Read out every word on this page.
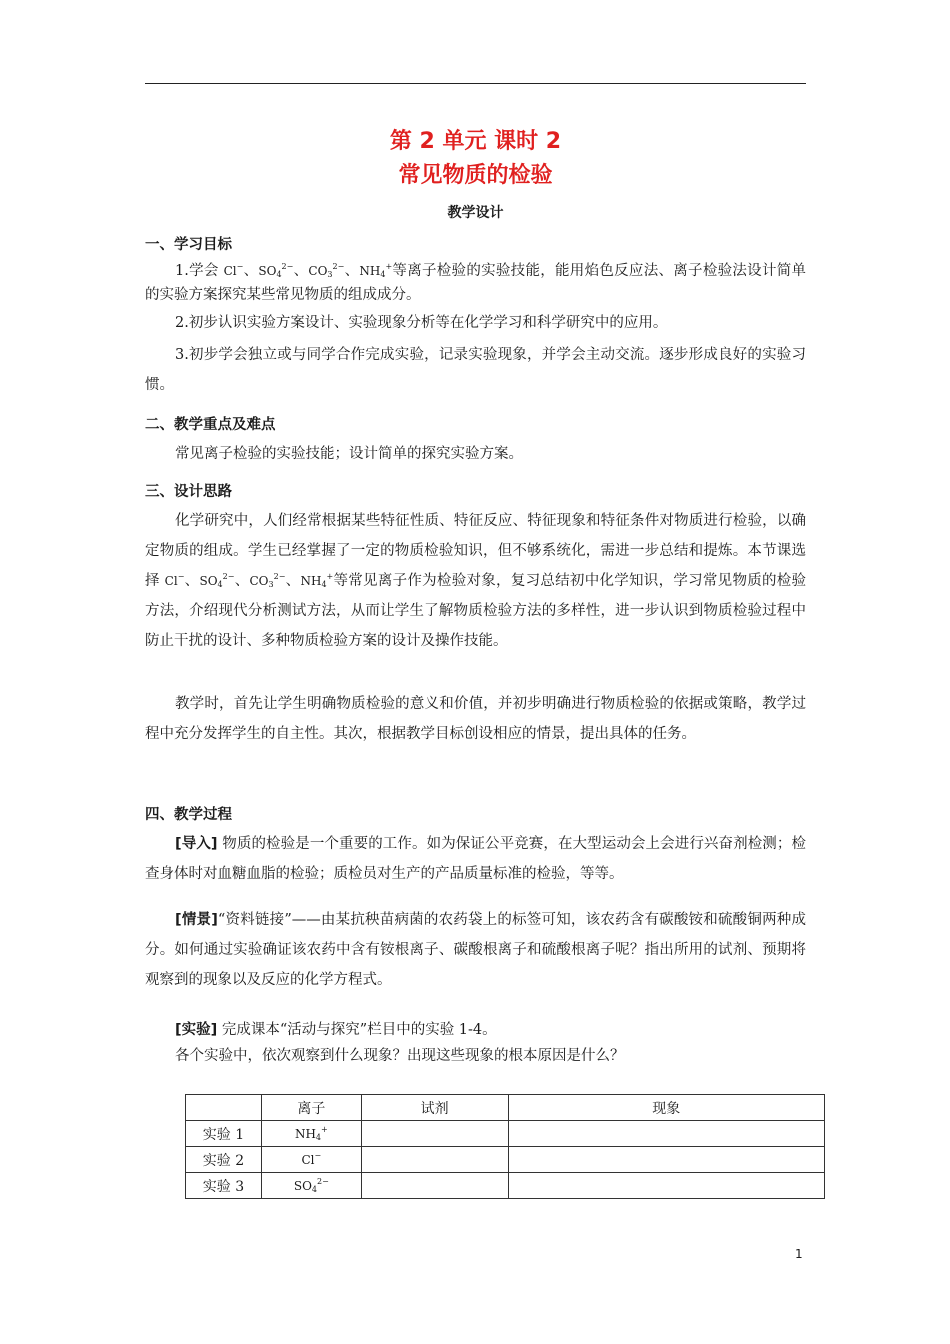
第 2 单元 课时 2
常见物质的检验
教学设计
一、学习目标
1.学会 Cl−、$SO_4^{2-}$、$CO_3^{2-}$、$NH_4^+$等离子检验的实验技能，能用焰色反应法、离子检验法设计简单的实验方案探究某些常见物质的组成成分。
2.初步认识实验方案设计、实验现象分析等在化学学习和科学研究中的应用。
3.初步学会独立或与同学合作完成实验，记录实验现象，并学会主动交流。逐步形成良好的实验习惯。
二、教学重点及难点
常见离子检验的实验技能；设计简单的探究实验方案。
三、设计思路
化学研究中，人们经常根据某些特征性质、特征反应、特征现象和特征条件对物质进行检验，以确定物质的组成。学生已经掌握了一定的物质检验知识，但不够系统化，需进一步总结和提炼。本节课选择 Cl−、$SO_4^{2-}$、$CO_3^{2-}$、$NH_4^+$等常见离子作为检验对象，复习总结初中化学知识，学习常见物质的检验方法，介绍现代分析测试方法，从而让学生了解物质检验方法的多样性，进一步认识到物质检验过程中防止干扰的设计、多种物质检验方案的设计及操作技能。
教学时，首先让学生明确物质检验的意义和价值，并初步明确进行物质检验的依据或策略，教学过程中充分发挥学生的自主性。其次，根据教学目标创设相应的情景，提出具体的任务。
四、教学过程
[导入] 物质的检验是一个重要的工作。如为保证公平竞赛，在大型运动会上会进行兴奋剂检测；检查身体时对血糖血脂的检验；质检员对生产的产品质量标准的检验，等等。
[情景]“资料链接”——由某抗秧苗病菌的农药袋上的标签可知，该农药含有碳酸铵和硫酸铜两种成分。如何通过实验确证该农药中含有铵根离子、碳酸根离子和硫酸根离子呢？指出所用的试剂、预期将观察到的现象以及反应的化学方程式。
[实验] 完成课本“活动与探究”栏目中的实验 1-4。
各个实验中，依次观察到什么现象？出现这些现象的根本原因是什么？
	离子	试剂	现象
实验 1	$NH_4^+$		
实验 2	Cl−		
实验 3	$SO_4^{2-}$		
1
